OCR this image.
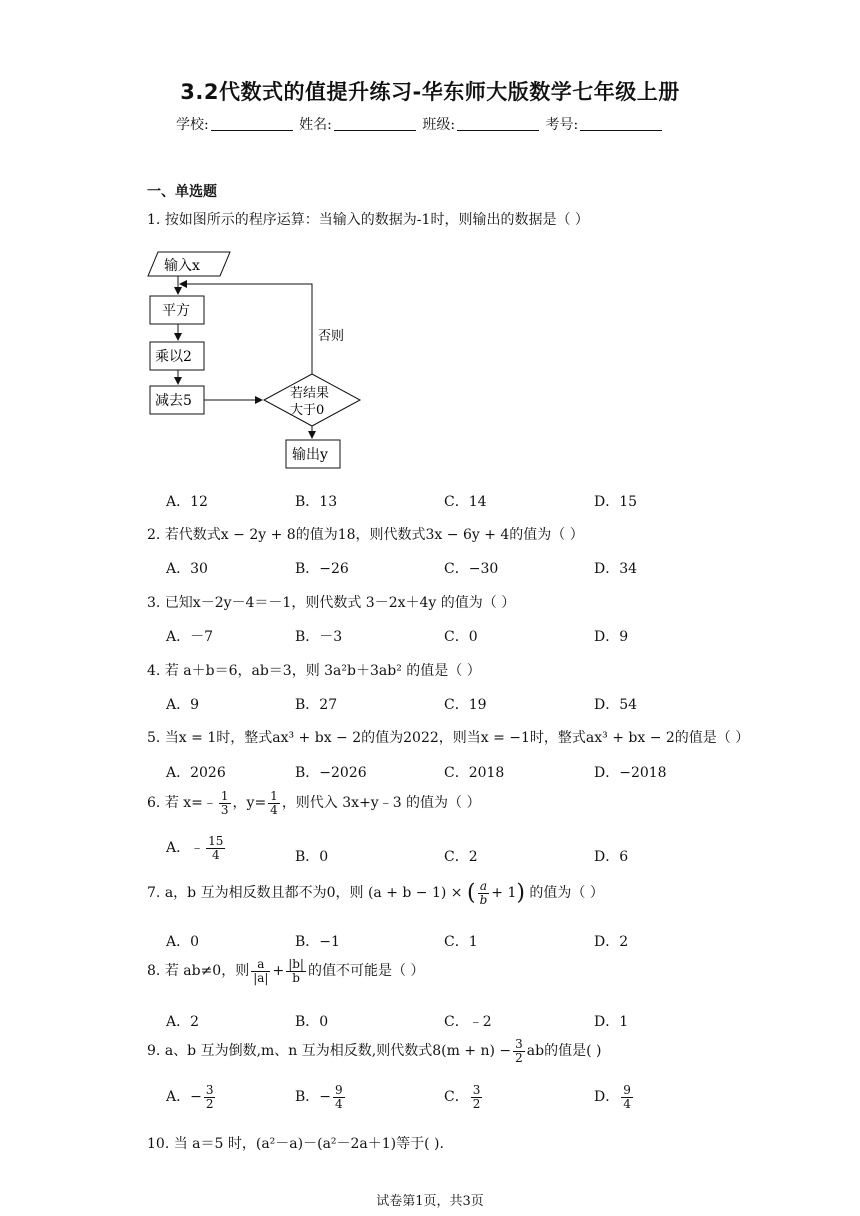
3.2代数式的值提升练习-华东师大版数学七年级上册
学校:	姓名:	班级:	考号:
一、单选题
1. 按如图所示的程序运算：当输入的数据为-1时，则输出的数据是（ ）
输入x
平方
乘以2
减去5	若结果
大于0
否则
输出y
A．12	B．13	C．14	D．15
2. 若代数式x − 2y + 8的值为18，则代数式3x − 6y + 4的值为（ ）
A．30	B．−26	C．−30	D．34
3. 已知x－2y－4＝－1，则代数式 3－2x＋4y 的值为（ ）
A．－7	B．－3	C．0	D．9
4. 若 a＋b＝6，ab＝3，则 3a²b＋3ab² 的值是（ ）
A．9	B．27	C．19	D．54
5. 当x = 1时，整式ax³ + bx − 2的值为2022，则当x = −1时，整式ax³ + bx − 2的值是（ ）
A．2026	B．−2026	C．2018	D．−2018
6. 若 x=﹣ $\frac{1}{3}$ ，$y= \frac{1}{4}$ ，则代入 3x+y﹣3 的值为（ ）
A．﹣ $\frac{15}{4}$	B．0	C．2	D．6
7. a，b 互为相反数且都不为0，则 (a + b − 1) × ( $\frac{a}{b} + 1$) 的值为（ ）
A．0	B．−1	C．1	D．2
8. 若 ab≠0，则 $\frac{a}{|a|} + \frac{|b|}{b}$ 的值不可能是（ ）
A．2	B．0	C．﹣2	D．1
9. a、b 互为倒数,m、n 互为相反数,则代数式$8(m + n) - \frac{3}{2}$ ab的值是( )
A．− $\frac{3}{2}$	B．− $\frac{9}{4}$	C． $\frac{3}{2}$	D． $\frac{9}{4}$
10. 当 a＝5 时，(a²－a)－(a²－2a＋1)等于( ).
试卷第1页，共3页
